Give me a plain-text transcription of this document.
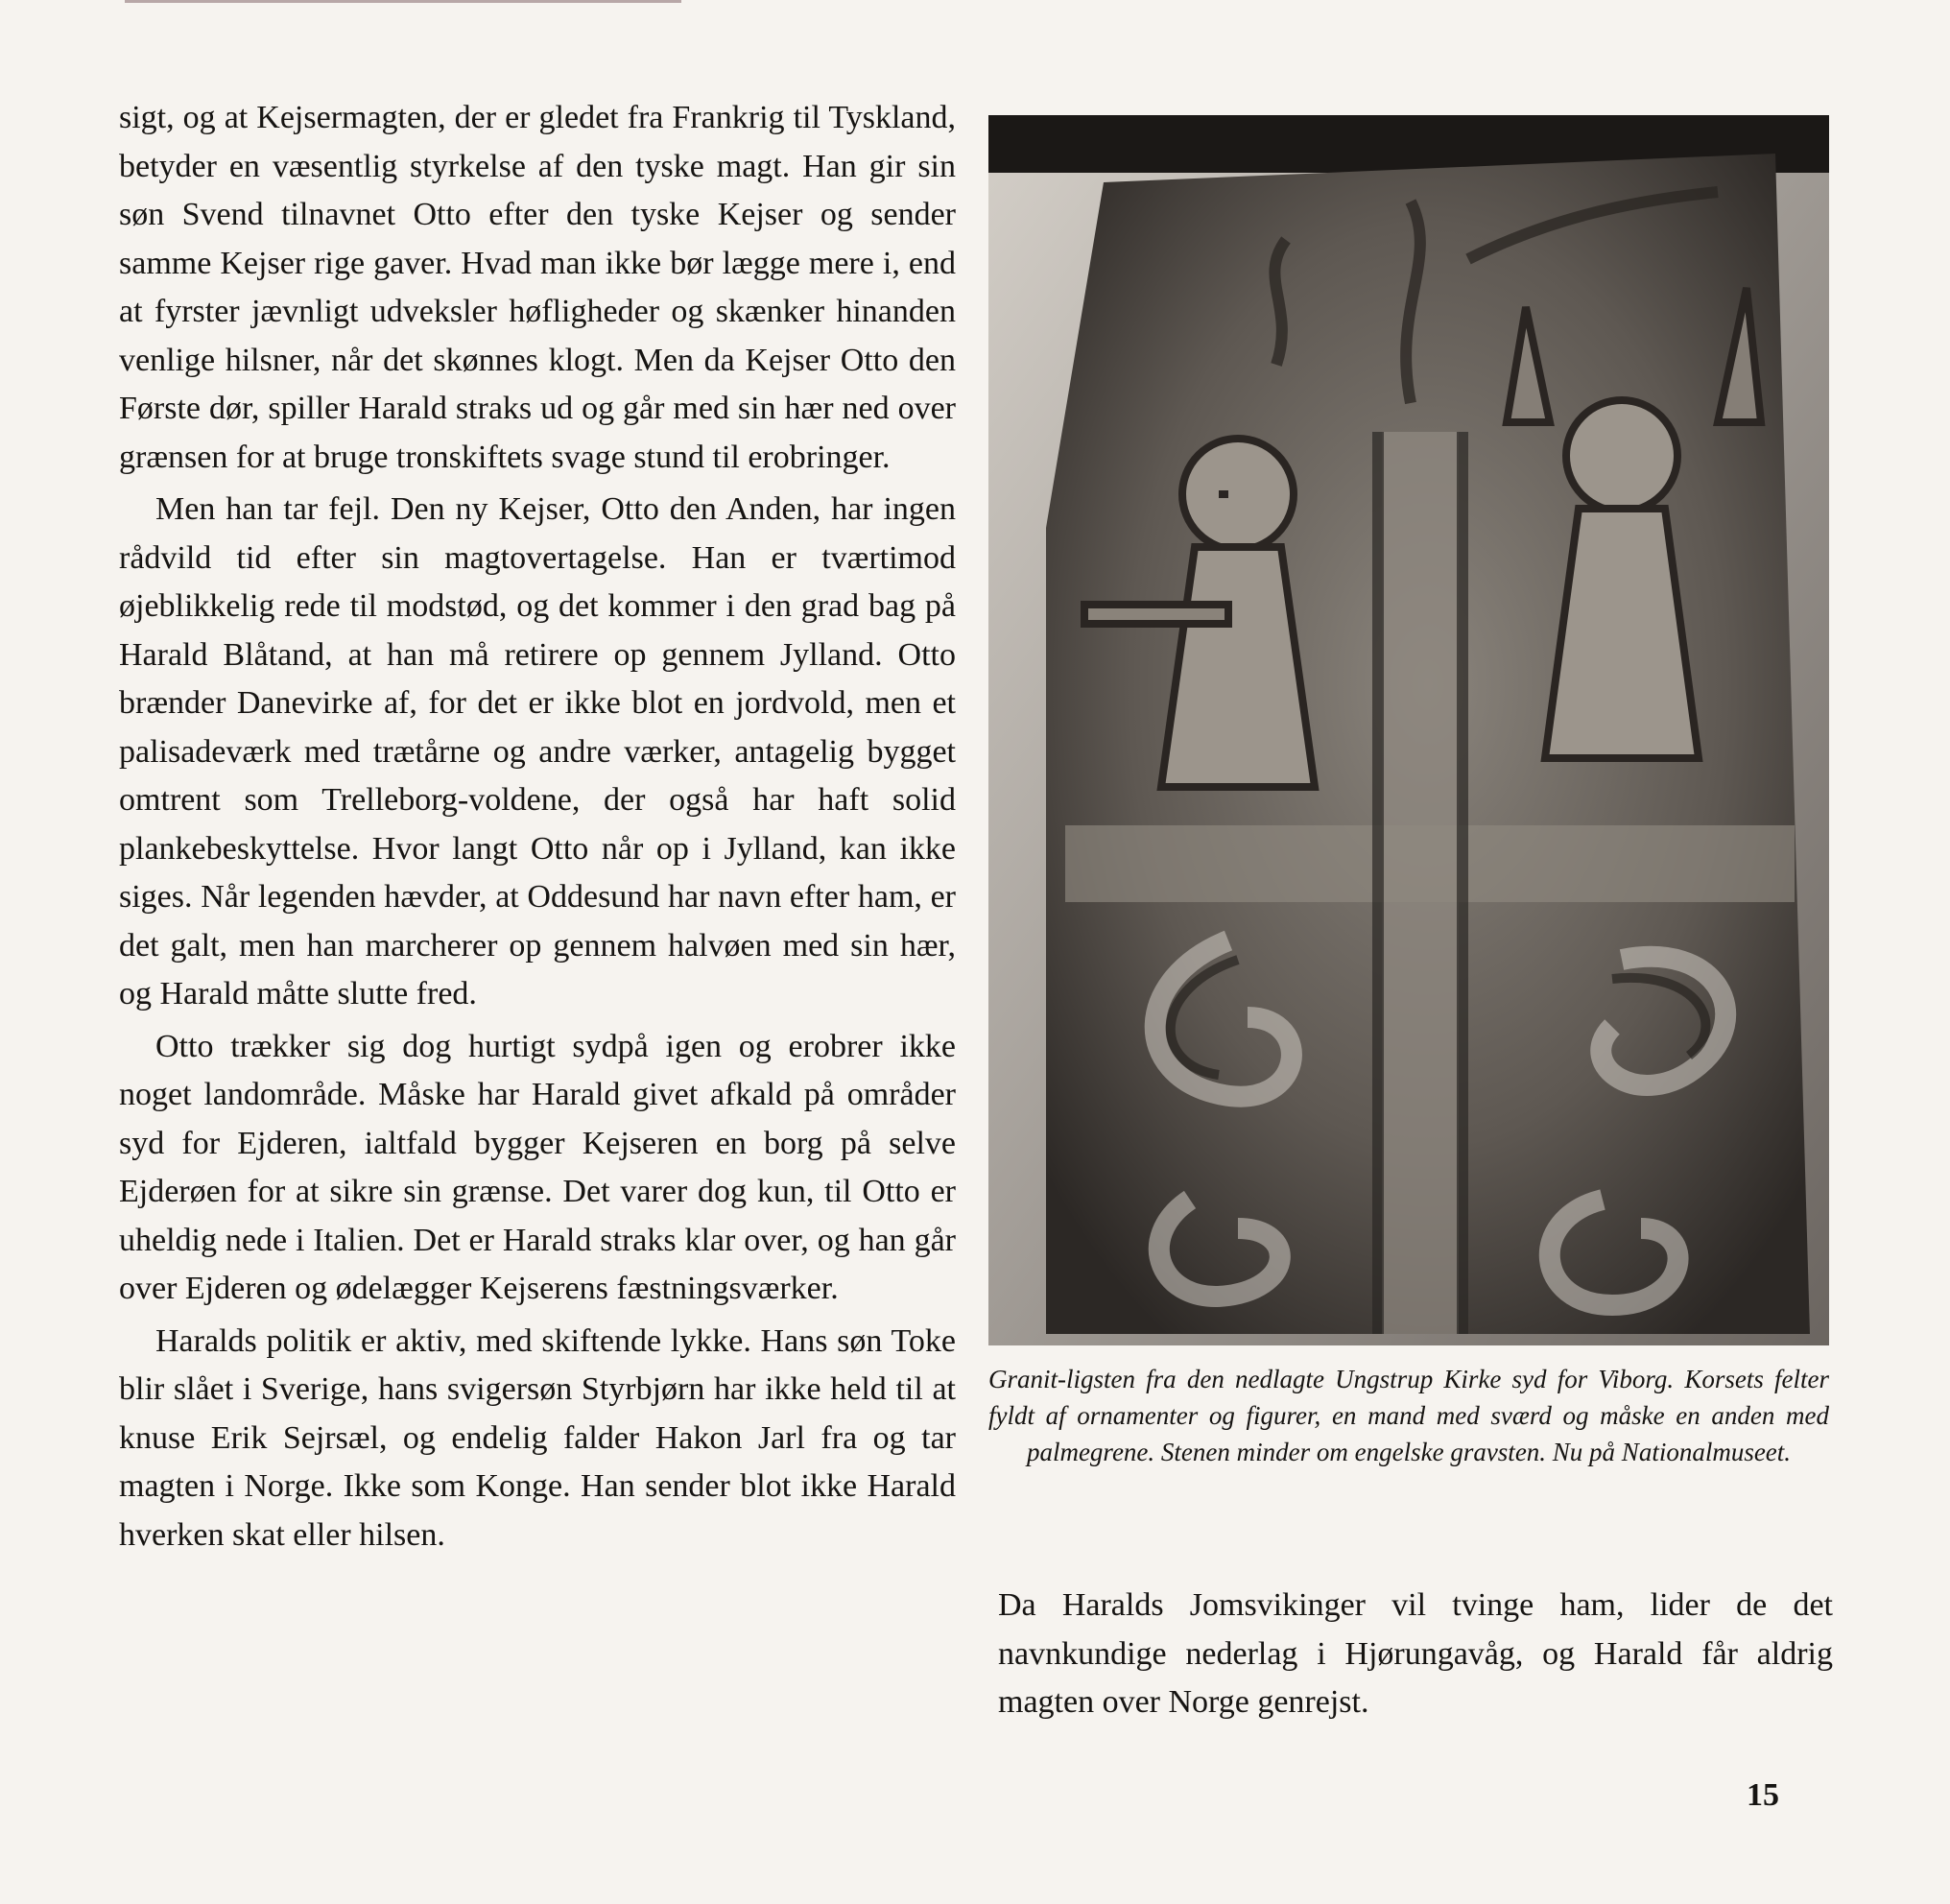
sigt, og at Kejsermagten, der er gledet fra Frankrig til Tyskland, betyder en væsentlig styrkelse af den tyske magt. Han gir sin søn Svend tilnavnet Otto efter den tyske Kejser og sender samme Kejser rige gaver. Hvad man ikke bør lægge mere i, end at fyrster jævnligt udveksler høfligheder og skænker hinanden venlige hilsner, når det skønnes klogt. Men da Kejser Otto den Første dør, spiller Harald straks ud og går med sin hær ned over grænsen for at bruge tronskiftets svage stund til erobringer.

Men han tar fejl. Den ny Kejser, Otto den Anden, har ingen rådvild tid efter sin magtovertagelse. Han er tværtimod øjeblikkelig rede til modstød, og det kommer i den grad bag på Harald Blåtand, at han må retirere op gennem Jylland. Otto brænder Danevirke af, for det er ikke blot en jordvold, men et palisadeværk med trætårne og andre værker, antagelig bygget omtrent som Trelleborg-voldene, der også har haft solid plankebeskyttelse. Hvor langt Otto når op i Jylland, kan ikke siges. Når legenden hævder, at Oddesund har navn efter ham, er det galt, men han marcherer op gennem halvøen med sin hær, og Harald måtte slutte fred.

Otto trækker sig dog hurtigt sydpå igen og erobrer ikke noget landområde. Måske har Harald givet afkald på områder syd for Ejderen, ialtfald bygger Kejseren en borg på selve Ejderøen for at sikre sin grænse. Det varer dog kun, til Otto er uheldig nede i Italien. Det er Harald straks klar over, og han går over Ejderen og ødelægger Kejserens fæstningsværker.

Haralds politik er aktiv, med skiftende lykke. Hans søn Toke blir slået i Sverige, hans svigersøn Styrbjørn har ikke held til at knuse Erik Sejrsæl, og endelig falder Hakon Jarl fra og tar magten i Norge. Ikke som Konge. Han sender blot ikke Harald hverken skat eller hilsen.

Granit-ligsten fra den nedlagte Ungstrup Kirke syd for Viborg. Korsets felter fyldt af ornamenter og figurer, en mand med sværd og måske en anden med palmegrene. Stenen minder om engelske gravsten. Nu på Nationalmuseet.
Da Haralds Jomsvikinger vil tvinge ham, lider de det navnkundige nederlag i Hjørungavåg, og Harald får aldrig magten over Norge genrejst.
15
